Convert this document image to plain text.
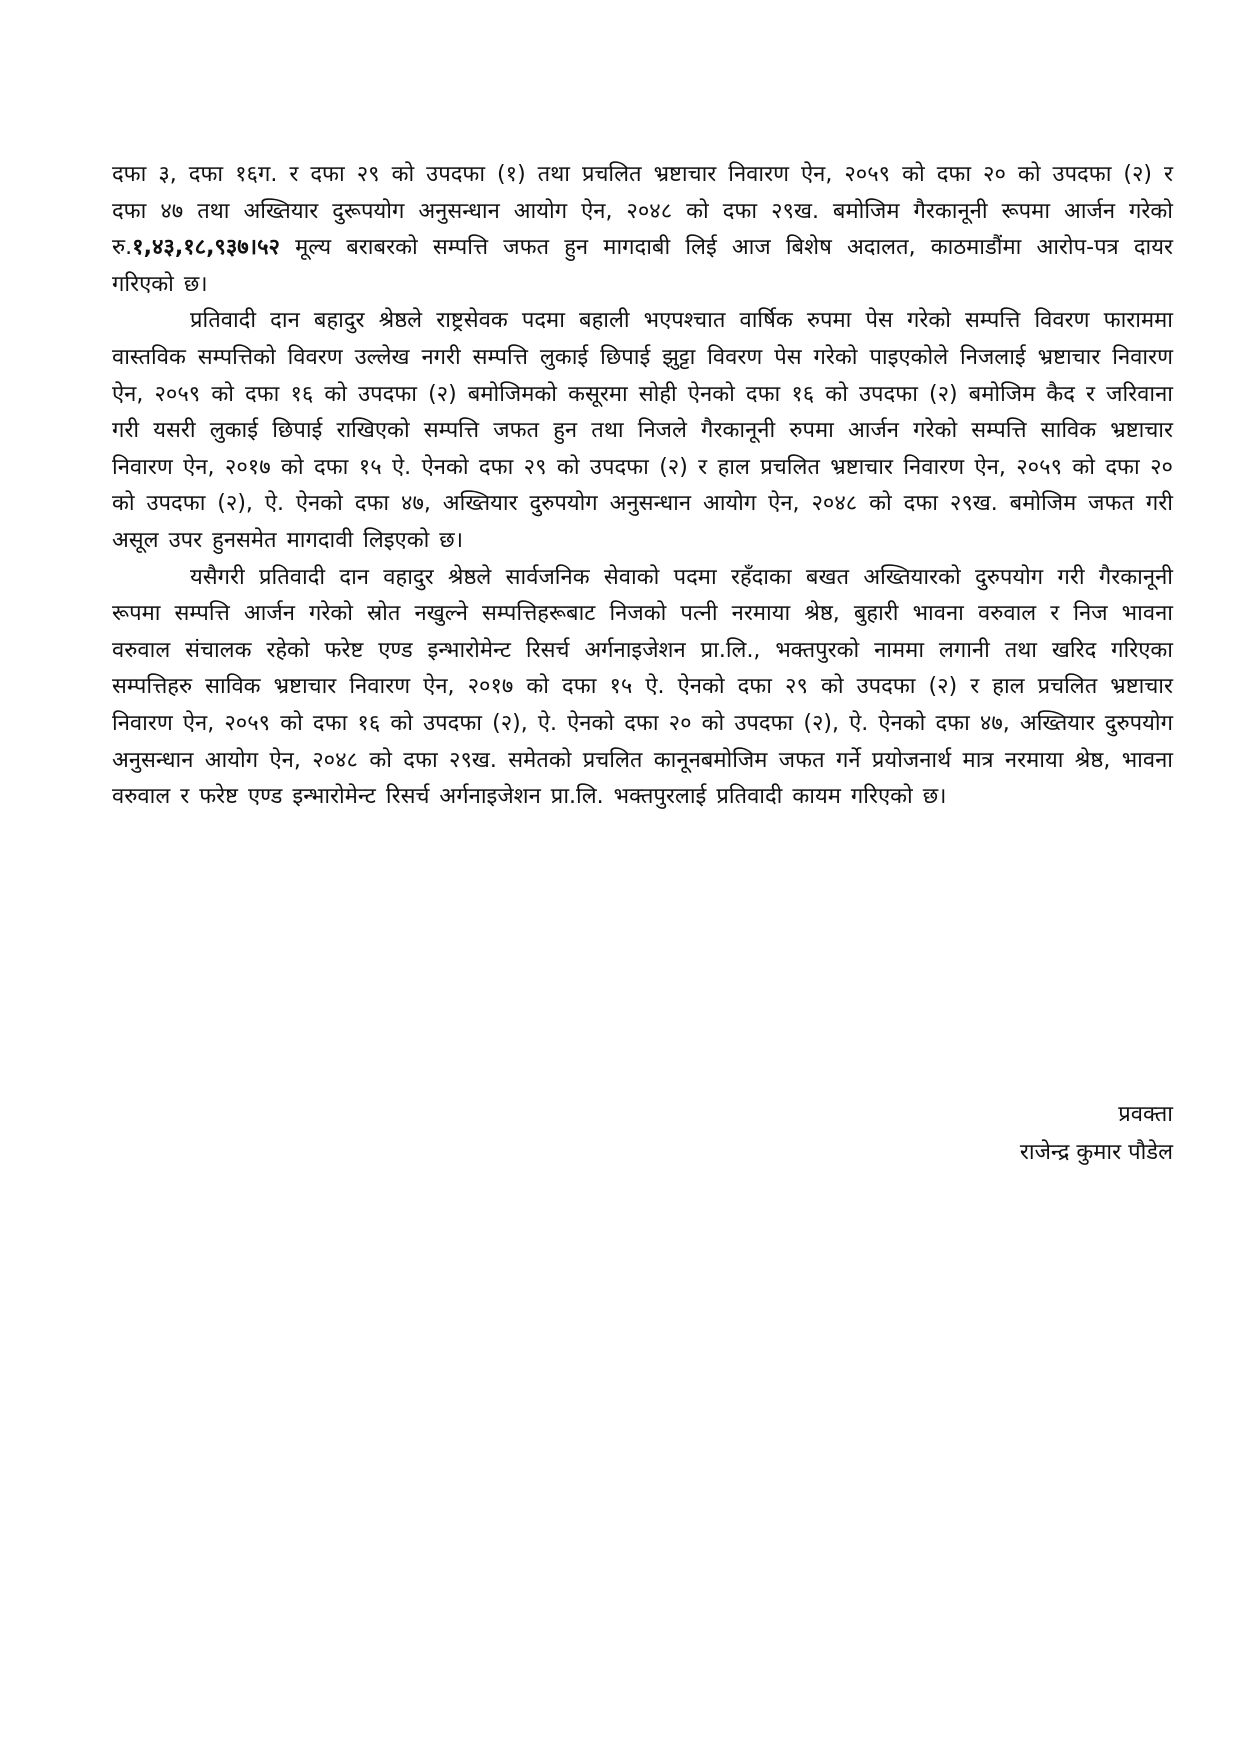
दफा ३, दफा १६ग. र दफा २९ को उपदफा (१) तथा प्रचलित भ्रष्टाचार निवारण ऐन, २०५९ को दफा २० को उपदफा (२) र दफा ४७ तथा अख्तियार दुरूपयोग अनुसन्धान आयोग ऐन, २०४८ को दफा २९ख. बमोजिम गैरकानूनी रूपमा आर्जन गरेको रु.१,४३,१८,९३७।५२ मूल्य बराबरको सम्पत्ति जफत हुन मागदाबी लिई आज बिशेष अदालत, काठमाडौंमा आरोप-पत्र दायर गरिएको छ।

प्रतिवादी दान बहादुर श्रेष्ठले राष्ट्रसेवक पदमा बहाली भएपश्चात वार्षिक रुपमा पेस गरेको सम्पत्ति विवरण फाराममा वास्तविक सम्पत्तिको विवरण उल्लेख नगरी सम्पत्ति लुकाई छिपाई झुट्टा विवरण पेस गरेको पाइएकोले निजलाई भ्रष्टाचार निवारण ऐन, २०५९ को दफा १६ को उपदफा (२) बमोजिमको कसूरमा सोही ऐनको दफा १६ को उपदफा (२) बमोजिम कैद र जरिवाना गरी यसरी लुकाई छिपाई राखिएको सम्पत्ति जफत हुन तथा निजले गैरकानूनी रुपमा आर्जन गरेको सम्पत्ति साविक भ्रष्टाचार निवारण ऐन, २०१७ को दफा १५ ऐ. ऐनको दफा २९ को उपदफा (२) र हाल प्रचलित भ्रष्टाचार निवारण ऐन, २०५९ को दफा २० को उपदफा (२), ऐ. ऐनको दफा ४७, अख्तियार दुरुपयोग अनुसन्धान आयोग ऐन, २०४८ को दफा २९ख. बमोजिम जफत गरी असूल उपर हुनसमेत मागदावी लिइएको छ।

यसैगरी प्रतिवादी दान वहादुर श्रेष्ठले सार्वजनिक सेवाको पदमा रहँदाका बखत अख्तियारको दुरुपयोग गरी गैरकानूनी रूपमा सम्पत्ति आर्जन गरेको स्रोत नखुल्ने सम्पत्तिहरूबाट निजको पत्नी नरमाया श्रेष्ठ, बुहारी भावना वरुवाल र निज भावना वरुवाल संचालक रहेको फरेष्ट एण्ड इन्भारोमेन्ट रिसर्च अर्गनाइजेशन प्रा.लि., भक्तपुरको नाममा लगानी तथा खरिद गरिएका सम्पत्तिहरु साविक भ्रष्टाचार निवारण ऐन, २०१७ को दफा १५ ऐ. ऐनको दफा २९ को उपदफा (२) र हाल प्रचलित भ्रष्टाचार निवारण ऐन, २०५९ को दफा १६ को उपदफा (२), ऐ. ऐनको दफा २० को उपदफा (२), ऐ. ऐनको दफा ४७, अख्तियार दुरुपयोग अनुसन्धान आयोग ऐन, २०४८ को दफा २९ख. समेतको प्रचलित कानूनबमोजिम जफत गर्ने प्रयोजनार्थ मात्र नरमाया श्रेष्ठ, भावना वरुवाल र फरेष्ट एण्ड इन्भारोमेन्ट रिसर्च अर्गनाइजेशन प्रा.लि. भक्तपुरलाई प्रतिवादी कायम गरिएको छ।

प्रवक्ता
राजेन्द्र कुमार पौडेल
